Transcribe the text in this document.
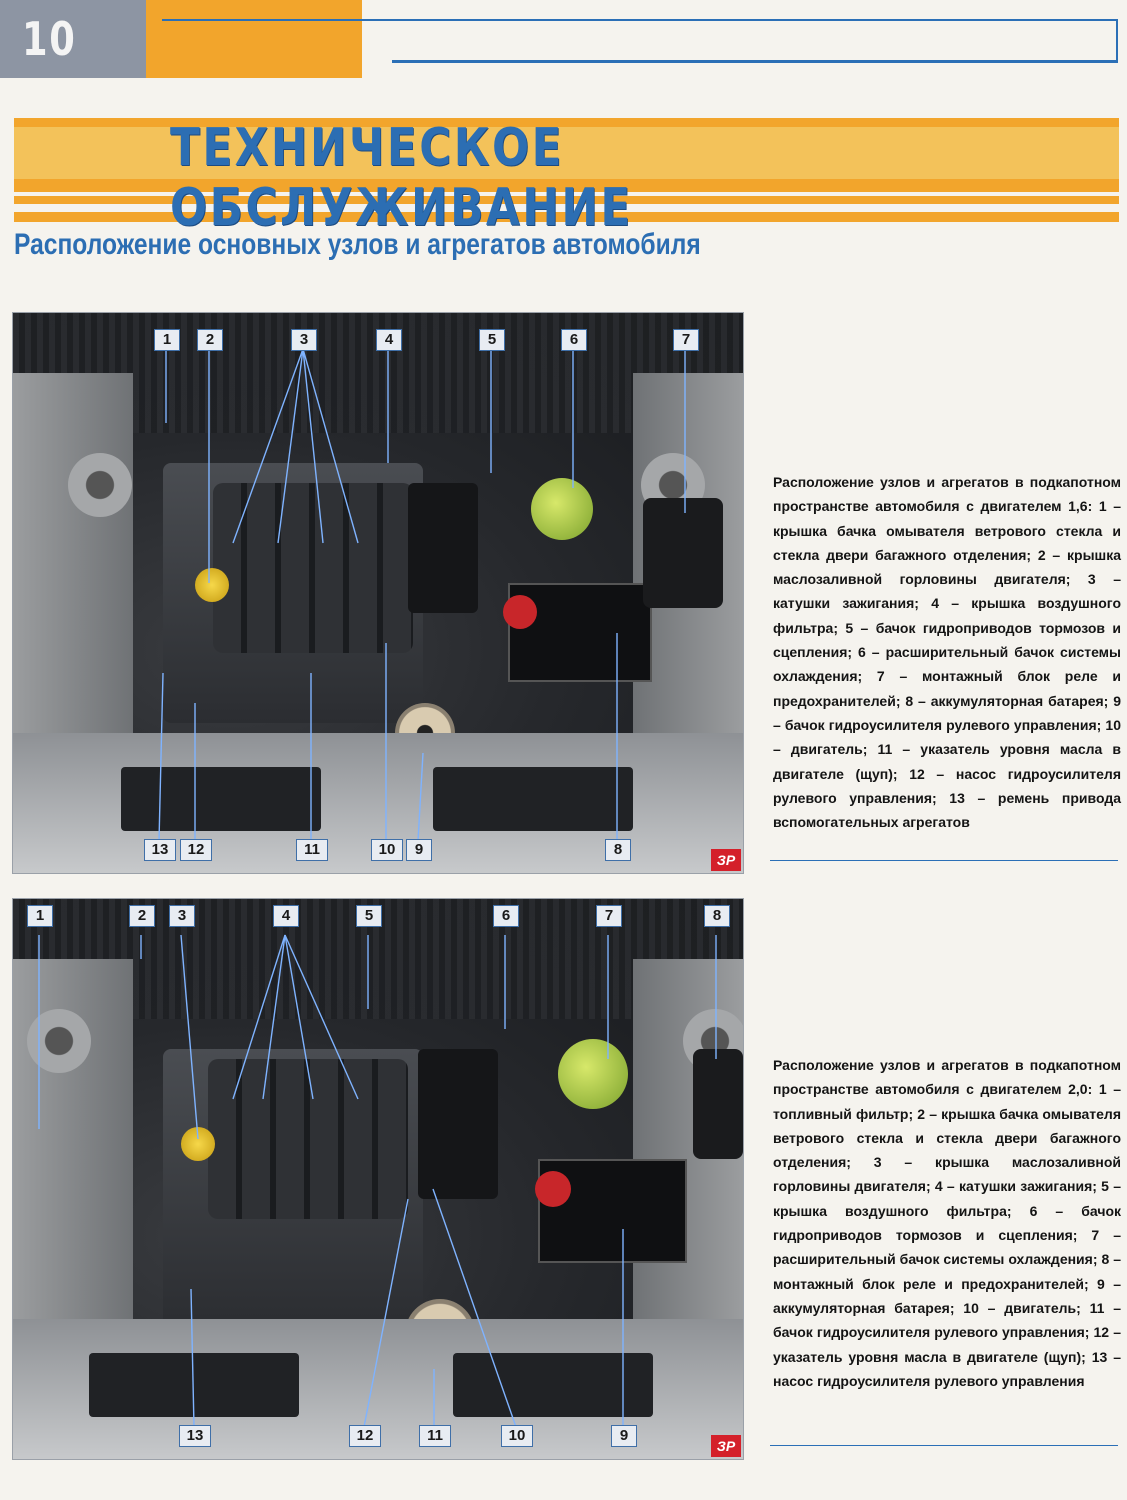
10
ТЕХНИЧЕСКОЕ ОБСЛУЖИВАНИЕ
Расположение основных узлов и агрегатов автомобиля
1	2	3	4	5	6	7
8
9
10
11
12
13
ЗР
Расположение узлов и агрегатов в подкапотном пространстве автомобиля с двигателем 1,6: 1 – крышка бачка омывателя ветрового стекла и стекла двери багажного отделения; 2 – крышка маслозаливной горловины двигателя; 3 – катушки зажигания; 4 – крышка воздушного фильтра; 5 – бачок гидроприводов тормозов и сцепления; 6 – расширительный бачок системы охлаждения; 7 – монтажный блок реле и предохранителей; 8 – аккумуляторная батарея; 9 – бачок гидроусилителя рулевого управления; 10 – двигатель; 11 – указатель уровня масла в двигателе (щуп); 12 – насос гидроусилителя рулевого управления; 13 – ремень привода вспомогательных агрегатов
1	2	3	4	5	6	7	8
9
10
11
12
13
ЗР
Расположение узлов и агрегатов в подкапотном пространстве автомобиля с двигателем 2,0: 1 – топливный фильтр; 2 – крышка бачка омывателя ветрового стекла и стекла двери багажного отделения; 3 – крышка маслозаливной горловины двигателя; 4 – катушки зажигания; 5 – крышка воздушного фильтра; 6 – бачок гидроприводов тормозов и сцепления; 7 – расширительный бачок системы охлаждения; 8 – монтажный блок реле и предохранителей; 9 – аккумуляторная батарея; 10 – двигатель; 11 – бачок гидроусилителя рулевого управления; 12 – указатель уровня масла в двигателе (щуп); 13 – насос гидроусилителя рулевого управления
